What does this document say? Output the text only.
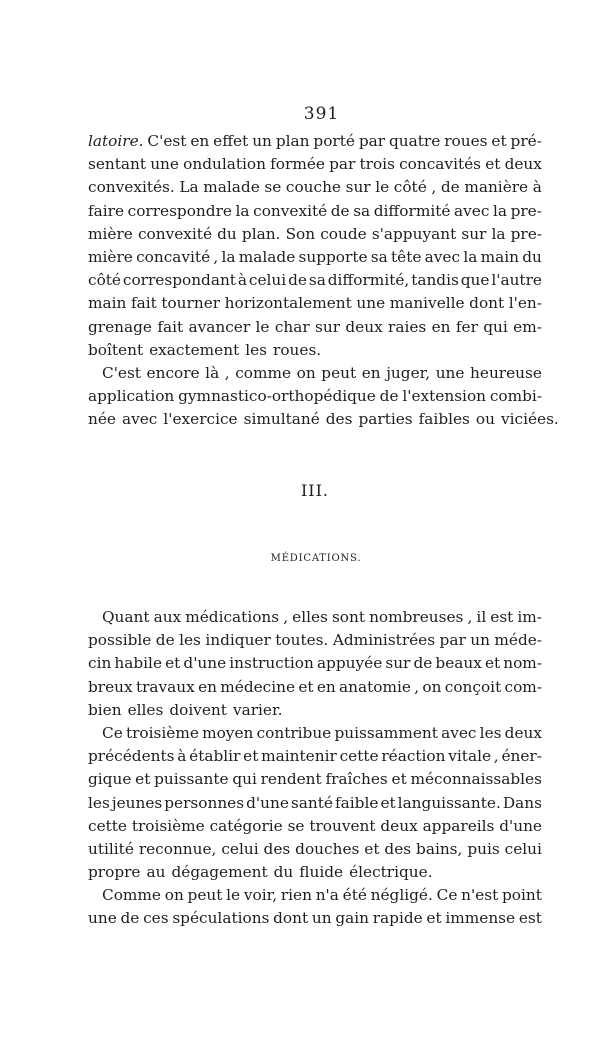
391
latoire. C'est en effet un plan porté par quatre roues et pré-
sentant une ondulation formée par trois concavités et deux
convexités. La malade se couche sur le côté , de manière à
faire correspondre la convexité de sa difformité avec la pre-
mière convexité du plan. Son coude s'appuyant sur la pre-
mière concavité , la malade supporte sa tête avec la main du
côté correspondant à celui de sa difformité, tandis que l'autre
main fait tourner horizontalement une manivelle dont l'en-
grenage fait avancer le char sur deux raies en fer qui em-
boîtent exactement les roues.
C'est encore là , comme on peut en juger, une heureuse
application gymnastico-orthopédique de l'extension combi-
née avec l'exercice simultané des parties faibles ou viciées.
III.
MÉDICATIONS.
Quant aux médications , elles sont nombreuses , il est im-
possible de les indiquer toutes. Administrées par un méde-
cin habile et d'une instruction appuyée sur de beaux et nom-
breux travaux en médecine et en anatomie , on conçoit com-
bien elles doivent varier.
Ce troisième moyen contribue puissamment avec les deux
précédents à établir et maintenir cette réaction vitale , éner-
gique et puissante qui rendent fraîches et méconnaissables
les jeunes personnes d'une santé faible et languissante. Dans
cette troisième catégorie se trouvent deux appareils d'une
utilité reconnue, celui des douches et des bains, puis celui
propre au dégagement du fluide électrique.
Comme on peut le voir, rien n'a été négligé. Ce n'est point
une de ces spéculations dont un gain rapide et immense est
